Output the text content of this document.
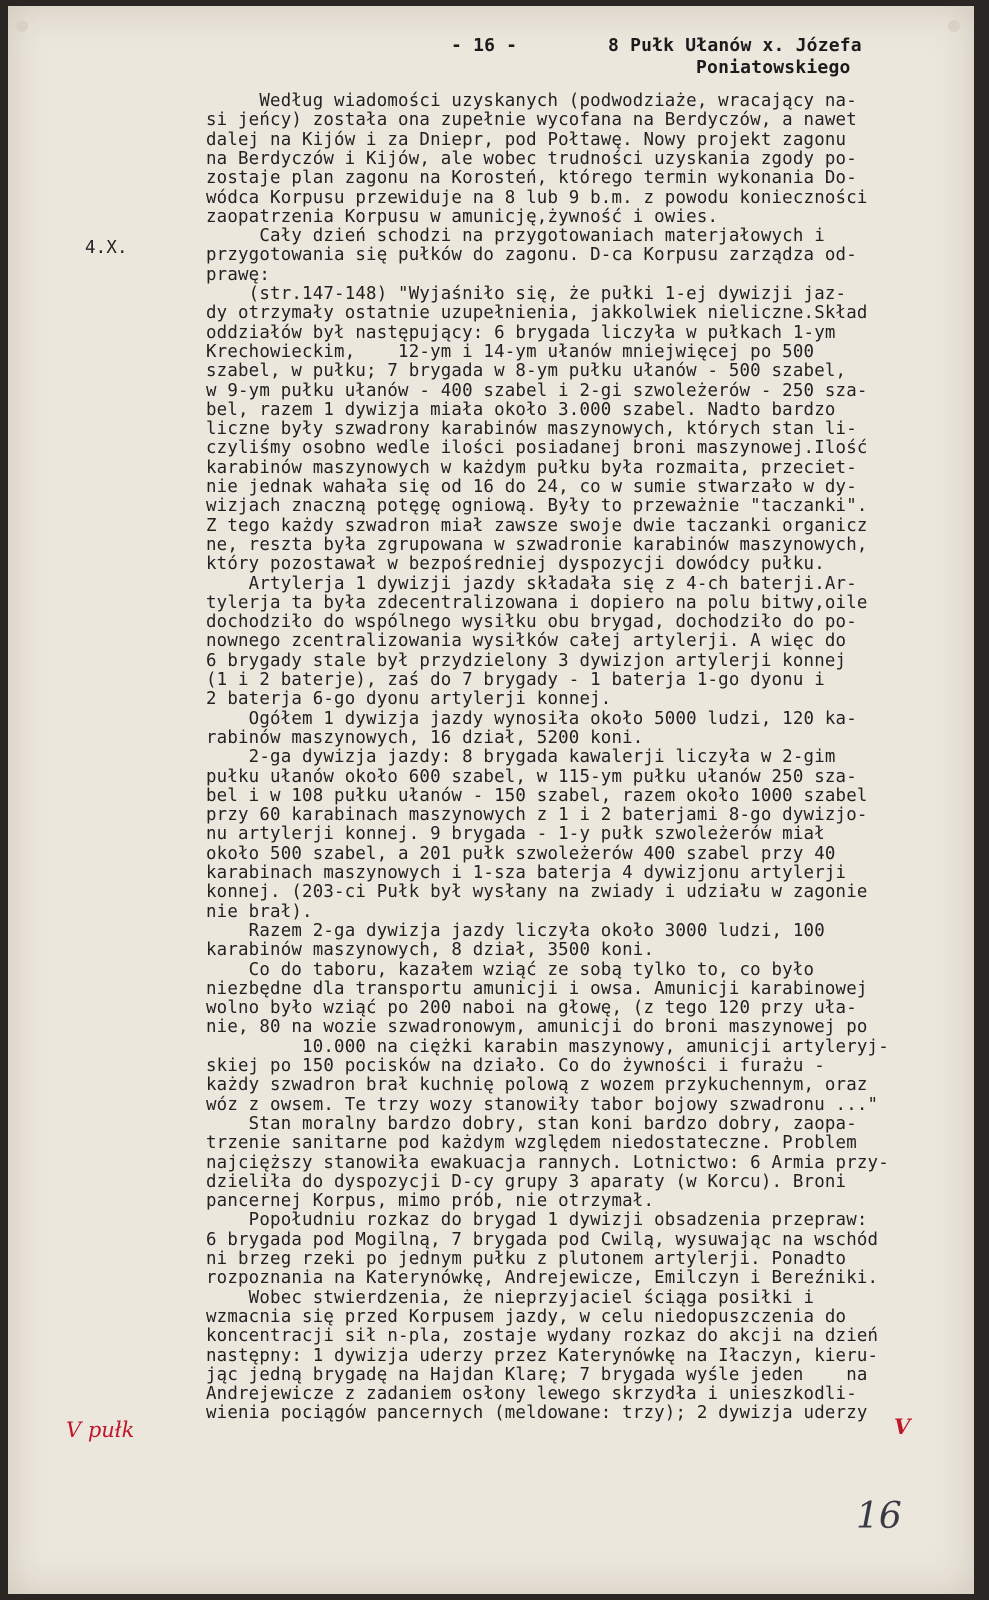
- 16 -	8 Pułk Ułanów x. Józefa
Poniatowskiego
4.X.
Według wiadomości uzyskanych (podwodziaże, wracający na-
si jeńcy) została ona zupełnie wycofana na Berdyczów, a nawet
dalej na Kijów i za Dniepr, pod Połtawę. Nowy projekt zagonu
na Berdyczów i Kijów, ale wobec trudności uzyskania zgody po-
zostaje plan zagonu na Korosteń, którego termin wykonania Do-
wódca Korpusu przewiduje na 8 lub 9 b.m. z powodu konieczności
zaopatrzenia Korpusu w amunicję,żywność i owies.
Cały dzień schodzi na przygotowaniach materjałowych i
przygotowania się pułków do zagonu. D-ca Korpusu zarządza od-
prawę:
(str.147-148) "Wyjaśniło się, że pułki 1-ej dywizji jaz-
dy otrzymały ostatnie uzupełnienia, jakkolwiek nieliczne.Skład
oddziałów był następujący: 6 brygada liczyła w pułkach 1-ym
Krechowieckim,    12-ym i 14-ym ułanów mniejwięcej po 500
szabel, w pułku; 7 brygada w 8-ym pułku ułanów - 500 szabel,
w 9-ym pułku ułanów - 400 szabel i 2-gi szwoleżerów - 250 sza-
bel, razem 1 dywizja miała około 3.000 szabel. Nadto bardzo
liczne były szwadrony karabinów maszynowych, których stan li-
czyliśmy osobno wedle ilości posiadanej broni maszynowej.Ilość
karabinów maszynowych w każdym pułku była rozmaita, przeciet-
nie jednak wahała się od 16 do 24, co w sumie stwarzało w dy-
wizjach znaczną potęgę ogniową. Były to przeważnie "taczanki".
Z tego każdy szwadron miał zawsze swoje dwie taczanki organicz
ne, reszta była zgrupowana w szwadronie karabinów maszynowych,
który pozostawał w bezpośredniej dyspozycji dowódcy pułku.
Artylerja 1 dywizji jazdy składała się z 4-ch baterji.Ar-
tylerja ta była zdecentralizowana i dopiero na polu bitwy,oile
dochodziło do wspólnego wysiłku obu brygad, dochodziło do po-
nownego zcentralizowania wysiłków całej artylerji. A więc do
6 brygady stale był przydzielony 3 dywizjon artylerji konnej
(1 i 2 baterje), zaś do 7 brygady - 1 baterja 1-go dyonu i
2 baterja 6-go dyonu artylerji konnej.
Ogółem 1 dywizja jazdy wynosiła około 5000 ludzi, 120 ka-
rabinów maszynowych, 16 dział, 5200 koni.
2-ga dywizja jazdy: 8 brygada kawalerji liczyła w 2-gim
pułku ułanów około 600 szabel, w 115-ym pułku ułanów 250 sza-
bel i w 108 pułku ułanów - 150 szabel, razem około 1000 szabel
przy 60 karabinach maszynowych z 1 i 2 baterjami 8-go dywizjo-
nu artylerji konnej. 9 brygada - 1-y pułk szwoleżerów miał
około 500 szabel, a 201 pułk szwoleżerów 400 szabel przy 40
karabinach maszynowych i 1-sza baterja 4 dywizjonu artylerji
konnej. (203-ci Pułk był wysłany na zwiady i udziału w zagonie
nie brał).
Razem 2-ga dywizja jazdy liczyła około 3000 ludzi, 100
karabinów maszynowych, 8 dział, 3500 koni.
Co do taboru, kazałem wziąć ze sobą tylko to, co było
niezbędne dla transportu amunicji i owsa. Amunicji karabinowej
wolno było wziąć po 200 naboi na głowę, (z tego 120 przy uła-
nie, 80 na wozie szwadronowym, amunicji do broni maszynowej po
10.000 na ciężki karabin maszynowy, amunicji artyleryj-
skiej po 150 pocisków na działo. Co do żywności i furażu -
każdy szwadron brał kuchnię polową z wozem przykuchennym, oraz
wóz z owsem. Te trzy wozy stanowiły tabor bojowy szwadronu ..."
Stan moralny bardzo dobry, stan koni bardzo dobry, zaopa-
trzenie sanitarne pod każdym względem niedostateczne. Problem
najcięższy stanowiła ewakuacja rannych. Lotnictwo: 6 Armia przy-
dzieliła do dyspozycji D-cy grupy 3 aparaty (w Korcu). Broni
pancernej Korpus, mimo prób, nie otrzymał.
Popołudniu rozkaz do brygad 1 dywizji obsadzenia przepraw:
6 brygada pod Mogilną, 7 brygada pod Cwilą, wysuwając na wschód
ni brzeg rzeki po jednym pułku z plutonem artylerji. Ponadto
rozpoznania na Katerynówkę, Andrejewicze, Emilczyn i Bereźniki.
Wobec stwierdzenia, że nieprzyjaciel ściąga posiłki i
wzmacnia się przed Korpusem jazdy, w celu niedopuszczenia do
koncentracji sił n-pla, zostaje wydany rozkaz do akcji na dzień
następny: 1 dywizja uderzy przez Katerynówkę na Iłaczyn, kieru-
jąc jedną brygadę na Hajdan Klarę; 7 brygada wyśle jeden    na
Andrejewicze z zadaniem osłony lewego skrzydła i unieszkodli-
wienia pociągów pancernych (meldowane: trzy); 2 dywizja uderzy
V pułk	V
16
